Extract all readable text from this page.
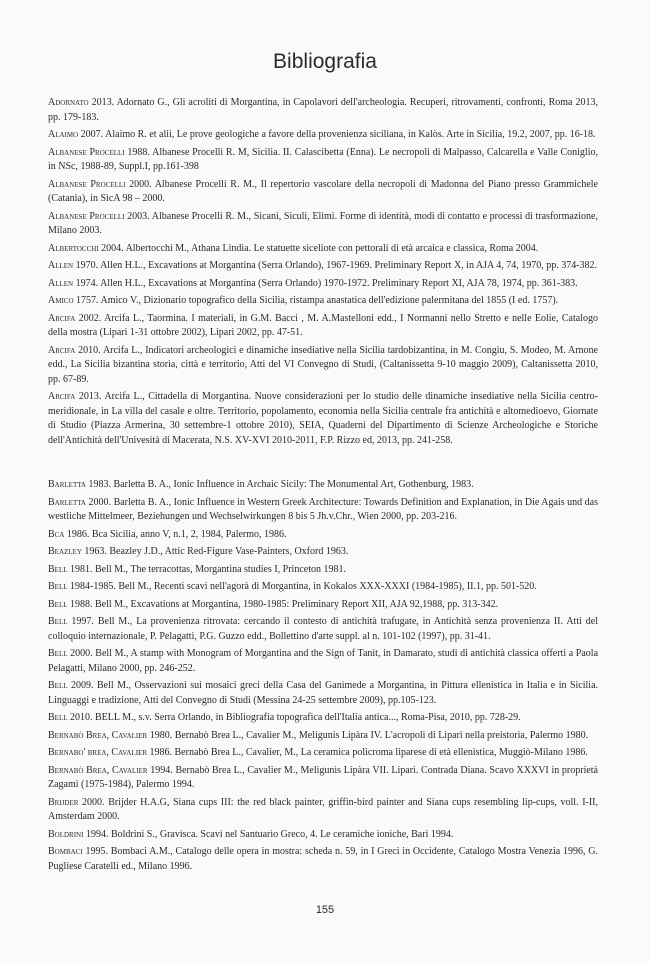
Bibliografia

Adornato 2013. Adornato G., Gli acroliti di Morgantina, in Capolavori dell'archeologia. Recuperi, ritrovamenti, confronti, Roma 2013, pp. 179-183.

Alaimo 2007. Alaimo R. et alii, Le prove geologiche a favore della provenienza siciliana, in Kalòs. Arte in Sicilia, 19.2, 2007, pp. 16-18.

Albanese Procelli 1988. Albanese Procelli R. M, Sicilia. II. Calascibetta (Enna). Le necropoli di Malpasso, Calcarella e Valle Coniglio, in NSc, 1988-89, Suppl.I, pp.161-398

Albanese Procelli 2000. Albanese Procelli R. M., Il repertorio vascolare della necropoli di Madonna del Piano presso Grammichele (Catania), in SicA 98 – 2000.

Albanese Procelli 2003. Albanese Procelli R. M., Sicani, Siculi, Elimi. Forme di identità, modi di contatto e processi di trasformazione, Milano 2003.

Albertocchi 2004. Albertocchi M., Athana Lindia. Le statuette siceliote con pettorali di età arcaica e classica, Roma 2004.

Allen 1970. Allen H.L., Excavations at Morgantina (Serra Orlando), 1967-1969. Preliminary Report X, in AJA 4, 74, 1970, pp. 374-382.

Allen 1974. Allen H.L., Excavations at Morgantina (Serra Orlando) 1970-1972. Preliminary Report XI, AJA 78, 1974, pp. 361-383.

Amico 1757. Amico V., Dizionario topografico della Sicilia, ristampa anastatica dell'edizione palermitana del 1855 (I ed. 1757).

Arcifa 2002. Arcifa L., Taormina. I materiali, in G.M. Bacci , M. A.Mastelloni edd., I Normanni nello Stretto e nelle Eolie, Catalogo della mostra (Lipari 1-31 ottobre 2002), Lipari 2002, pp. 47-51.

Arcifa 2010. Arcifa L., Indicatori archeologici e dinamiche insediative nella Sicilia tardobizantina, in M. Congiu, S. Modeo, M. Arnone edd., La Sicilia bizantina storia, città e territorio, Atti del VI Convegno di Studi, (Caltanissetta 9-10 maggio 2009), Caltanissetta 2010, pp. 67-89.

Arcifa 2013. Arcifa L., Cittadella di Morgantina. Nuove considerazioni per lo studio delle dinamiche insediative nella Sicilia centro-meridionale, in La villa del casale e oltre. Territorio, popolamento, economia nella Sicilia centrale fra antichità e altomedioevo, Giornate di Studio (Piazza Armerina, 30 settembre-1 ottobre 2010), SEIA, Quaderni del Dipartimento di Scienze Archeologiche e Storiche dell'Antichità dell'Univesità di Macerata, N.S. XV-XVI 2010-2011, F.P. Rizzo ed, 2013, pp. 241-258.

Barletta 1983. Barletta B. A., Ionic Influence in Archaic Sicily: The Monumental Art, Gothenburg, 1983.

Barletta 2000. Barletta B. A., Ionic Influence in Western Greek Architecture: Towards Definition and Explanation, in Die Agais und das westliche Mittelmeer, Beziehungen und Wechselwirkungen 8 bis 5 Jh.v.Chr., Wien 2000, pp. 203-216.

Bca 1986. Bca Sicilia, anno V, n.1, 2, 1984, Palermo, 1986.

Beazley 1963. Beazley J.D., Attic Red-Figure Vase-Painters, Oxford 1963.

Bell 1981. Bell M., The terracottas, Morgantina studies I, Princeton 1981.

Bell 1984-1985. Bell M., Recenti scavi nell'agorà di Morgantina, in Kokalos XXX-XXXI (1984-1985), II.1, pp. 501-520.

Bell 1988. Bell M., Excavations at Morgantina, 1980-1985: Preliminary Report XII, AJA 92,1988, pp. 313-342.

Bell 1997. Bell M., La provenienza ritrovata: cercando il contesto di antichità trafugate, in Antichità senza provenienza II. Atti del colloquio internazionale, P. Pelagatti, P.G. Guzzo edd., Bollettino d'arte suppl. al n. 101-102 (1997), pp. 31-41.

Bell 2000. Bell M., A stamp with Monogram of Morgantina and the Sign of Tanit, in Damarato, studi di antichità classica offerti a Paola Pelagatti, Milano 2000, pp. 246-252.

Bell 2009. Bell M., Osservazioni sui mosaici greci della Casa del Ganimede a Morgantina, in Pittura ellenistica in Italia e in Sicilia. Linguaggi e tradizione, Atti del Convegno di Studi (Messina 24-25 settembre 2009), pp.105-123.

Bell 2010. BELL M., s.v. Serra Orlando, in Bibliografia topografica dell'Italia antica..., Roma-Pisa, 2010, pp. 728-29.

Bernabò Brea, Cavalier 1980. Bernabò Brea L., Cavalier M., Meligunis Lipàra IV. L'acropoli di Lipari nella preistoria, Palermo 1980.

Bernabo' brea, Cavalier 1986. Bernabò Brea L., Cavalier, M., La ceramica policroma liparese di età ellenistica, Muggiò-Milano 1986.

Bernabò Brea, Cavalier 1994. Bernabò Brea L., Cavalier M., Meligunis Lipàra VII. Lipari. Contrada Diana. Scavo XXXVI in proprietà Zagami (1975-1984), Palermo 1994.

Brijder 2000. Brijder H.A.G, Siana cups III: the red black painter, griffin-bird painter and Siana cups resembling lip-cups, voll. I-II, Amsterdam 2000.

Boldrini 1994. Boldrini S., Gravisca. Scavi nel Santuario Greco, 4. Le ceramiche ioniche, Bari 1994.

Bombaci 1995. Bombaci A.M., Catalogo delle opera in mostra: scheda n. 59, in I Greci in Occidente, Catalogo Mostra Venezia 1996, G. Pugliese Caratelli ed., Milano 1996.

155
